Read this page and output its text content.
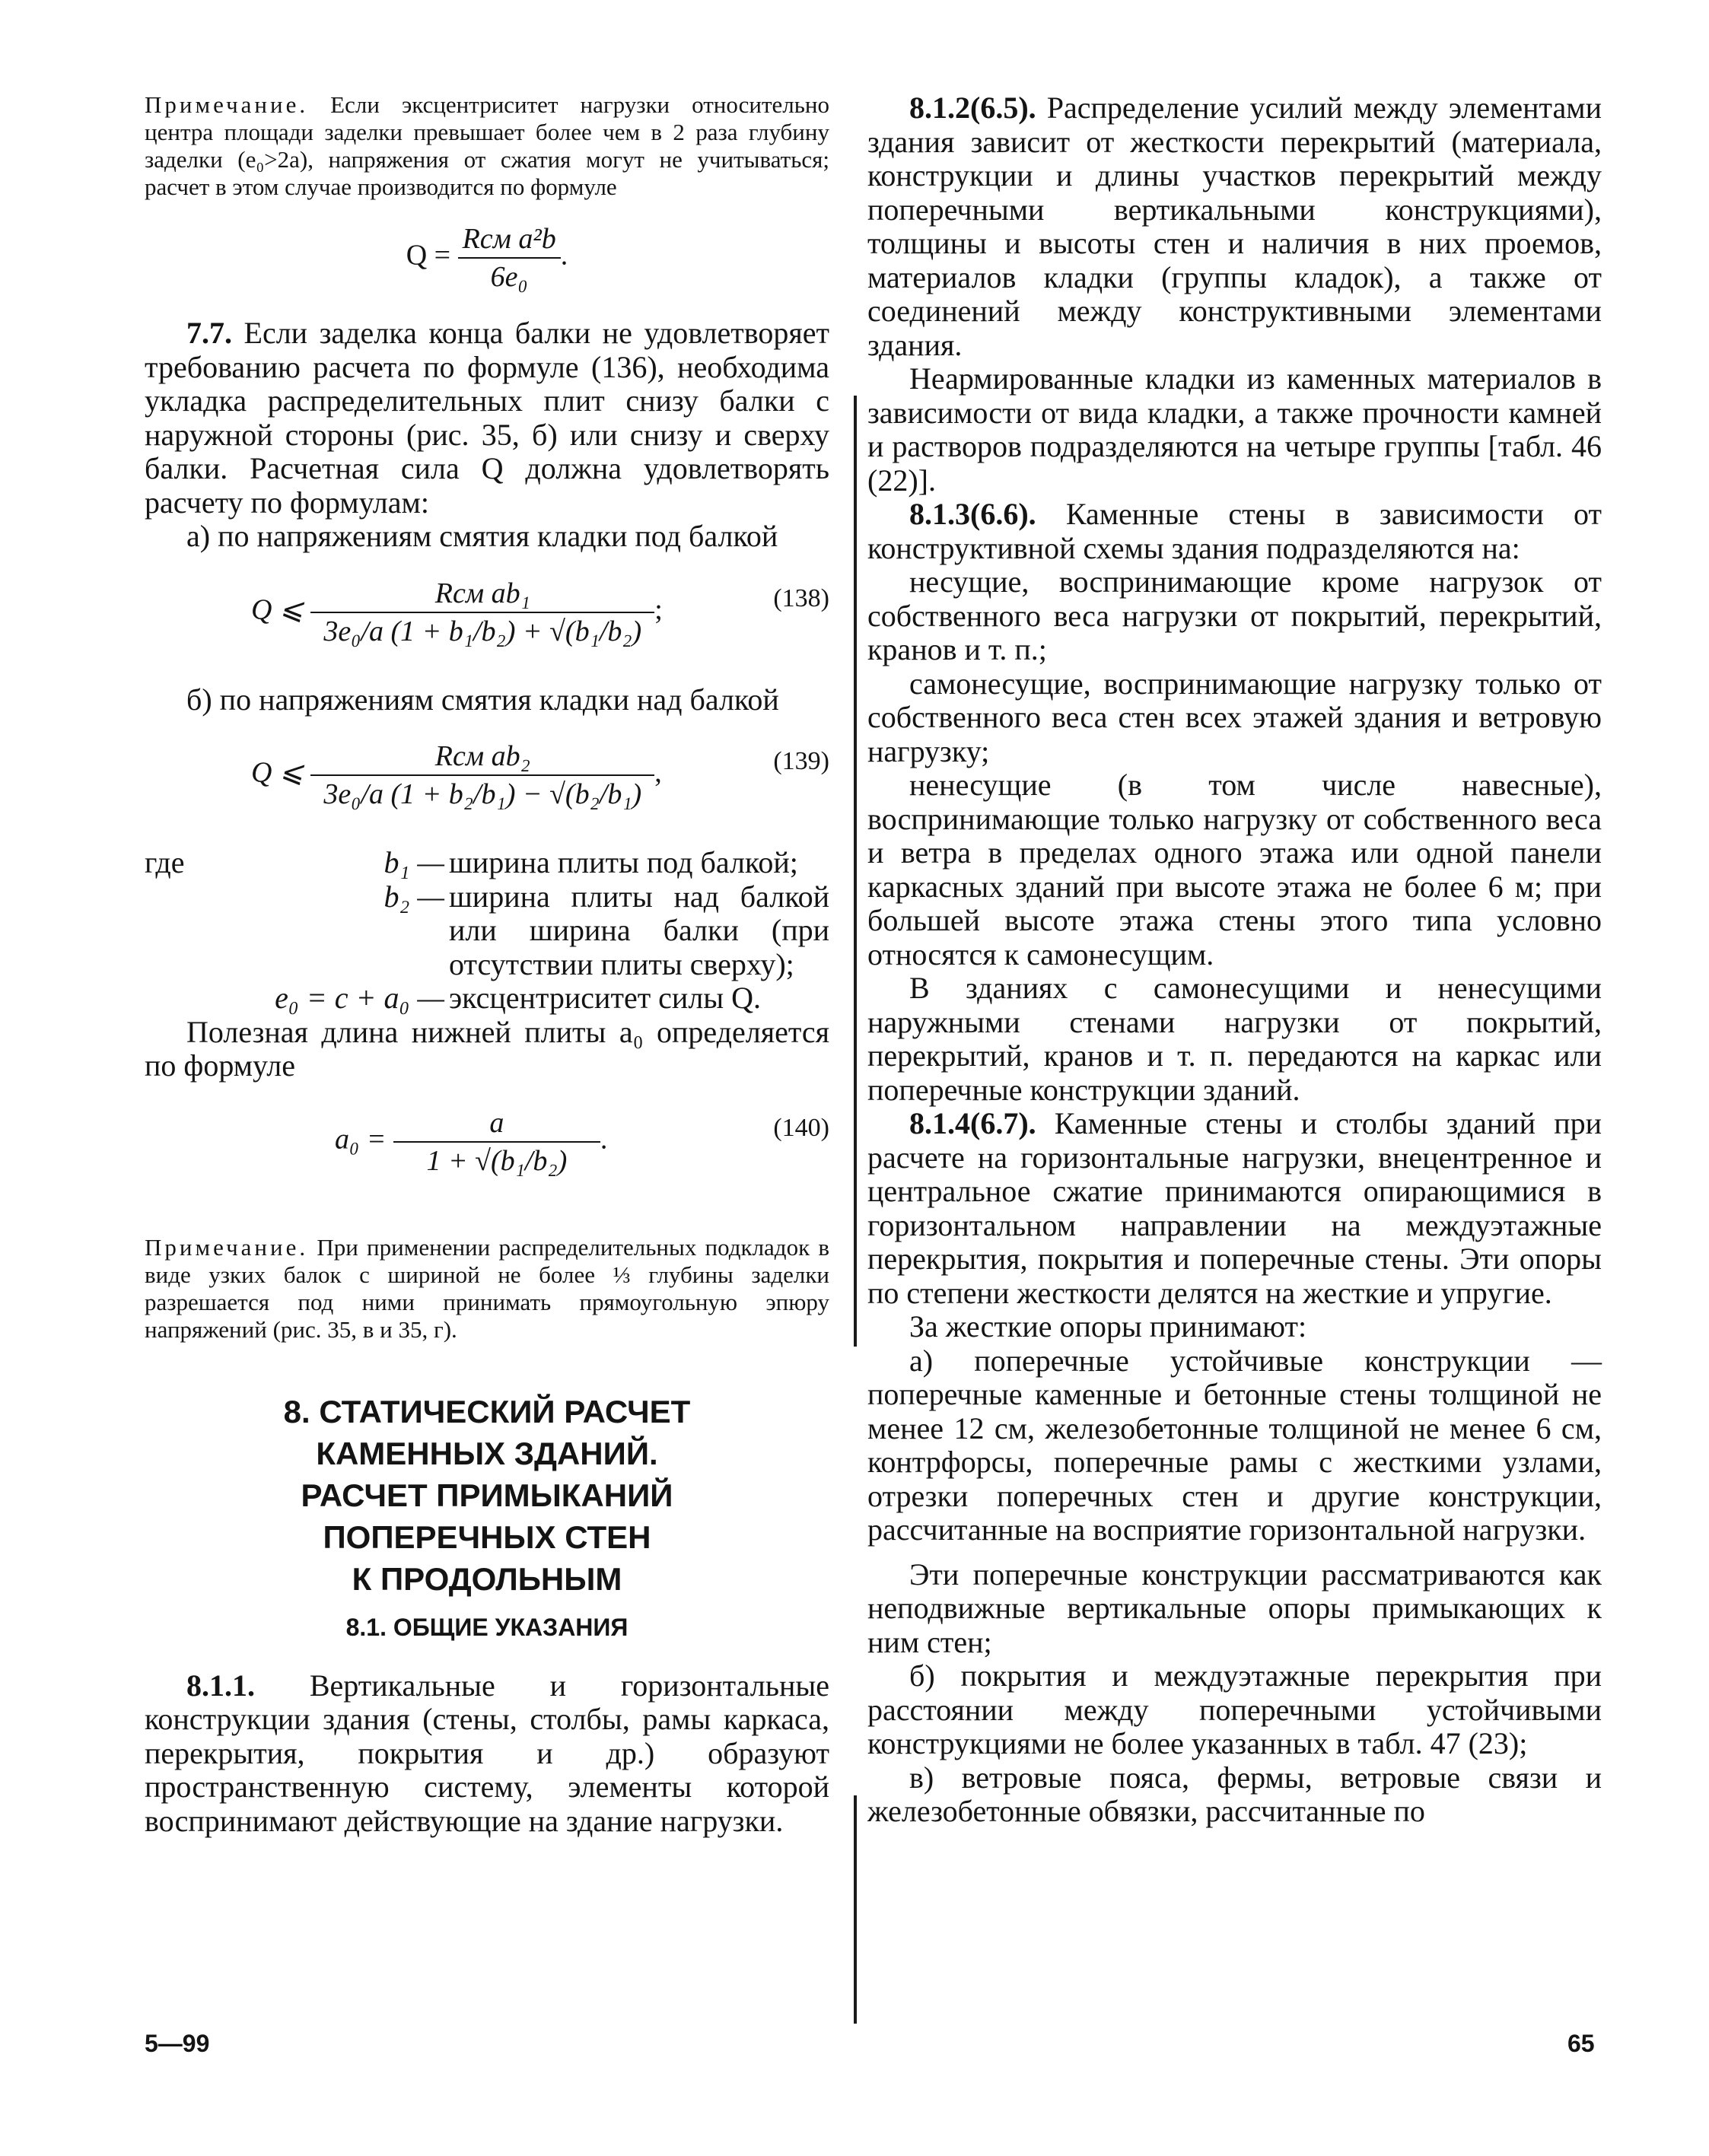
Примечание. Если эксцентриситет нагрузки относительно центра площади заделки превышает более чем в 2 раза глубину заделки (e₀>2a), напряжения от сжатия могут не учитываться; расчет в этом случае производится по формуле

$Q = \frac{\text{Rсм a²b}}{\text{6e₀}}$ .

7.7. Если заделка конца балки не удовлетворяет требованию расчета по формуле (136), необходима укладка распределительных плит снизу балки с наружной стороны (рис. 35, б) или снизу и сверху балки. Расчетная сила Q должна удовлетворять расчету по формулам:

а) по напряжениям смятия кладки под балкой

Q ⩽ $\frac{\text{Rсм ab₁}}{\text{3e₀/a (1 + b₁/b₂) + √(b₁/b₂)}}$ ;	(138)

б) по напряжениям смятия кладки над балкой

Q ⩽ $\frac{\text{Rсм ab₂}}{\text{3e₀/a (1 + b₂/b₁) − √(b₂/b₁)}}$ ,	(139)
где	b₁ — ширина плиты под балкой;
b₂ — ширина плиты над балкой или ширина балки (при отсутствии плиты сверху);
e₀ = c + a₀ — эксцентриситет силы Q.

Полезная длина нижней плиты a₀ определяется по формуле

$a_0 = \frac{a}{\text{1 + √(b₁/b₂)}}$ .	(140)

Примечание. При применении распределительных подкладок в виде узких балок с шириной не более ⅓ глубины заделки разрешается под ними принимать прямоугольную эпюру напряжений (рис. 35, в и 35, г).

8. СТАТИЧЕСКИЙ РАСЧЕТ
КАМЕННЫХ ЗДАНИЙ.
РАСЧЕТ ПРИМЫКАНИЙ
ПОПЕРЕЧНЫХ СТЕН
К ПРОДОЛЬНЫМ
8.1. ОБЩИЕ УКАЗАНИЯ

8.1.1. Вертикальные и горизонтальные конструкции здания (стены, столбы, рамы каркаса, перекрытия, покрытия и др.) образуют пространственную систему, элементы которой воспринимают действующие на здание нагрузки.

8.1.2(6.5). Распределение усилий между элементами здания зависит от жесткости перекрытий (материала, конструкции и длины участков перекрытий между поперечными вертикальными конструкциями), толщины и высоты стен и наличия в них проемов, материалов кладки (группы кладок), а также от соединений между конструктивными элементами здания.

Неармированные кладки из каменных материалов в зависимости от вида кладки, а также прочности камней и растворов подразделяются на четыре группы [табл. 46 (22)].

8.1.3(6.6). Каменные стены в зависимости от конструктивной схемы здания подразделяются на:

несущие, воспринимающие кроме нагрузок от собственного веса нагрузки от покрытий, перекрытий, кранов и т. п.;

самонесущие, воспринимающие нагрузку только от собственного веса стен всех этажей здания и ветровую нагрузку;

ненесущие (в том числе навесные), воспринимающие только нагрузку от собственного веса и ветра в пределах одного этажа или одной панели каркасных зданий при высоте этажа не более 6 м; при большей высоте этажа стены этого типа условно относятся к самонесущим.

В зданиях с самонесущими и ненесущими наружными стенами нагрузки от покрытий, перекрытий, кранов и т. п. передаются на каркас или поперечные конструкции зданий.

8.1.4(6.7). Каменные стены и столбы зданий при расчете на горизонтальные нагрузки, внецентренное и центральное сжатие принимаются опирающимися в горизонтальном направлении на междуэтажные перекрытия, покрытия и поперечные стены. Эти опоры по степени жесткости делятся на жесткие и упругие.

За жесткие опоры принимают:

а) поперечные устойчивые конструкции — поперечные каменные и бетонные стены толщиной не менее 12 см, железобетонные толщиной не менее 6 см, контрфорсы, поперечные рамы с жесткими узлами, отрезки поперечных стен и другие конструкции, рассчитанные на восприятие горизонтальной нагрузки.

Эти поперечные конструкции рассматриваются как неподвижные вертикальные опоры примыкающих к ним стен;

б) покрытия и междуэтажные перекрытия при расстоянии между поперечными устойчивыми конструкциями не более указанных в табл. 47 (23);

в) ветровые пояса, фермы, ветровые связи и железобетонные обвязки, рассчитанные по

5—99	65
